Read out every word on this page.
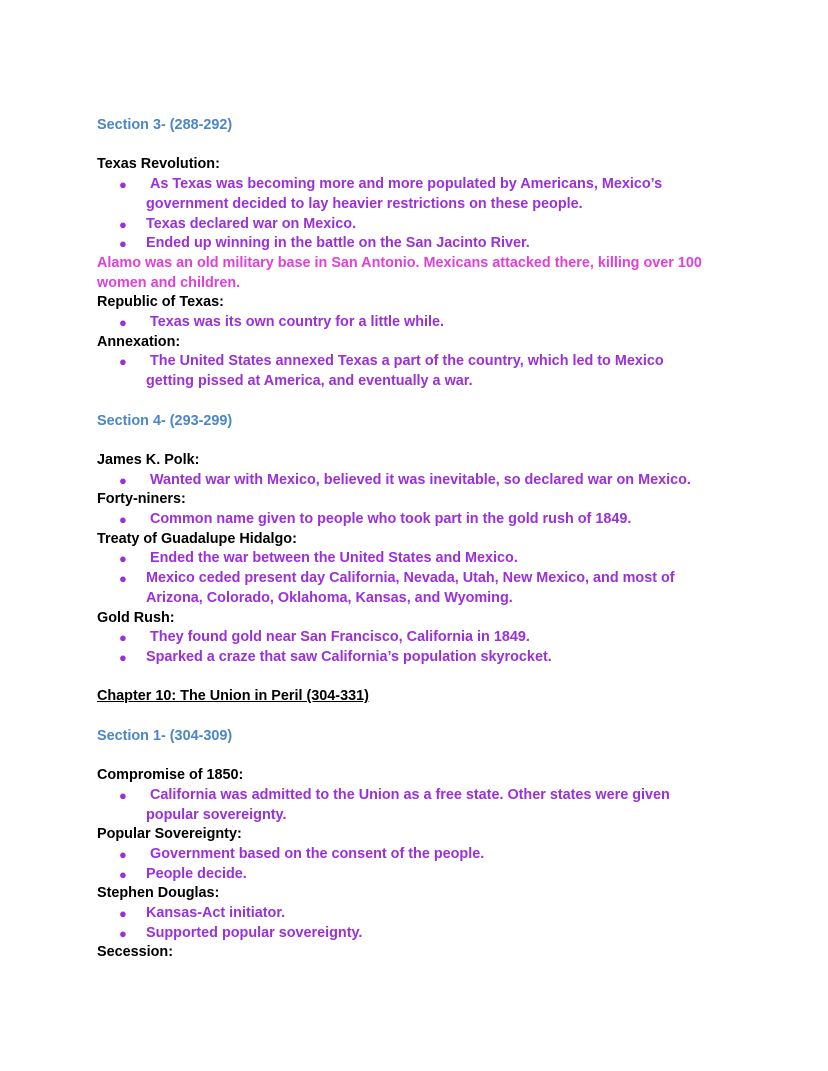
Section 3- (288-292)

Texas Revolution:

● As Texas was becoming more and more populated by Americans, Mexico’s
government decided to lay heavier restrictions on these people.
● Texas declared war on Mexico.
● Ended up winning in the battle on the San Jacinto River.

Alamo was an old military base in San Antonio. Mexicans attacked there, killing over 100
women and children.

Republic of Texas:

● Texas was its own country for a little while.

Annexation:

● The United States annexed Texas a part of the country, which led to Mexico
getting pissed at America, and eventually a war.

Section 4- (293-299)

James K. Polk:

● Wanted war with Mexico, believed it was inevitable, so declared war on Mexico.

Forty-niners:

● Common name given to people who took part in the gold rush of 1849.

Treaty of Guadalupe Hidalgo:

● Ended the war between the United States and Mexico.
● Mexico ceded present day California, Nevada, Utah, New Mexico, and most of
Arizona, Colorado, Oklahoma, Kansas, and Wyoming.

Gold Rush:

● They found gold near San Francisco, California in 1849.
● Sparked a craze that saw California’s population skyrocket.

Chapter 10: The Union in Peril (304-331)

Section 1- (304-309)

Compromise of 1850:

● California was admitted to the Union as a free state. Other states were given
popular sovereignty.

Popular Sovereignty:

● Government based on the consent of the people.
● People decide.

Stephen Douglas:

● Kansas-Act initiator.
● Supported popular sovereignty.

Secession:
